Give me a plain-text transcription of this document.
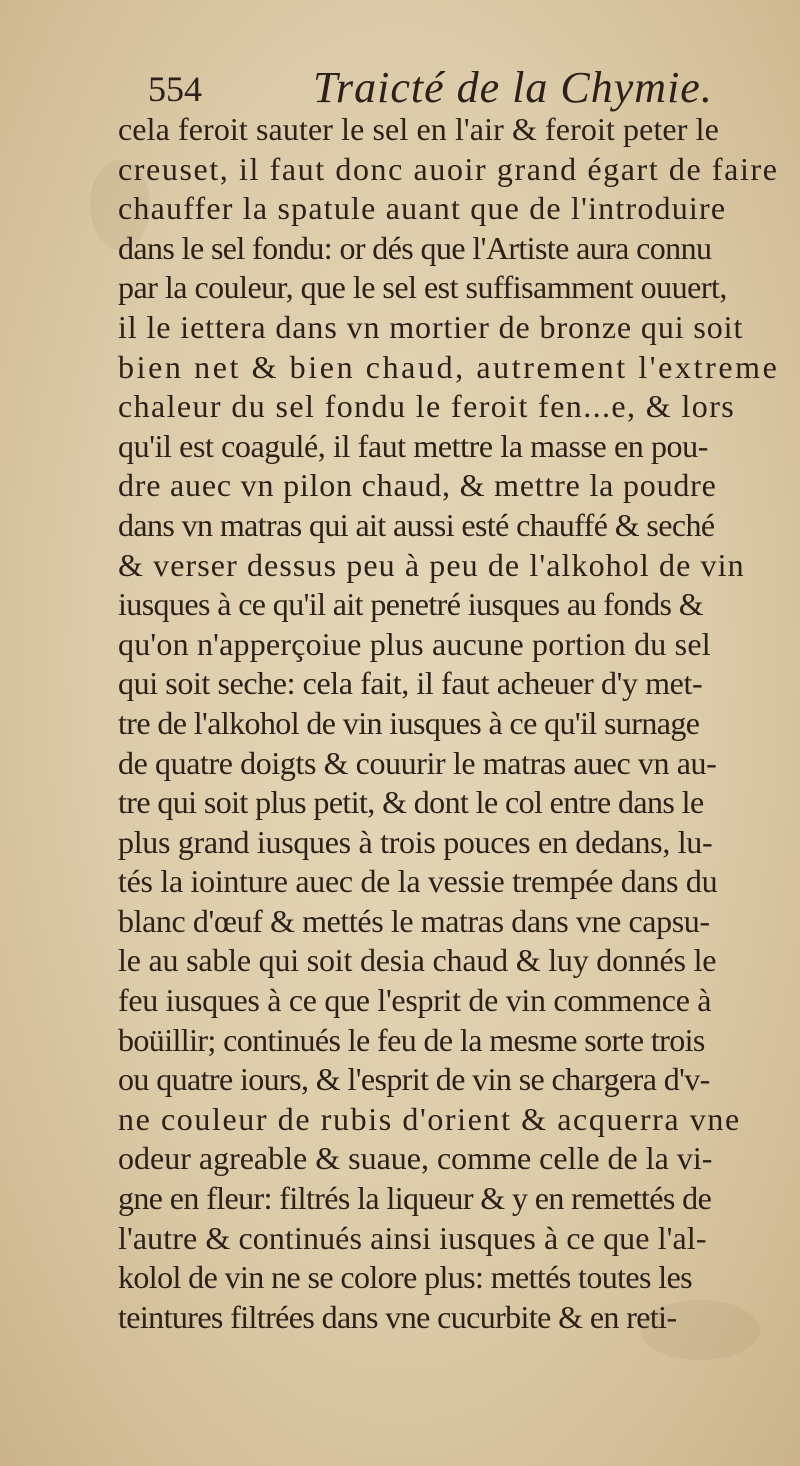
554	Traicté de la Chymie.
cela feroit sauter le sel en l'air & feroit peter le
creuset, il faut donc auoir grand égart de faire
chauffer la spatule auant que de l'introduire
dans le sel fondu: or dés que l'Artiste aura connu
par la couleur, que le sel est suffisamment ouuert,
il le iettera dans vn mortier de bronze qui soit
bien net & bien chaud, autrement l'extreme
chaleur du sel fondu le feroit fen...e, & lors
qu'il est coagulé, il faut mettre la masse en pou-
dre auec vn pilon chaud, & mettre la poudre
dans vn matras qui ait aussi esté chauffé & seché
& verser dessus peu à peu de l'alkohol de vin
iusques à ce qu'il ait penetré iusques au fonds &
qu'on n'apperçoiue plus aucune portion du sel
qui soit seche: cela fait, il faut acheuer d'y met-
tre de l'alkohol de vin iusques à ce qu'il surnage
de quatre doigts & couurir le matras auec vn au-
tre qui soit plus petit, & dont le col entre dans le
plus grand iusques à trois pouces en dedans, lu-
tés la iointure auec de la vessie trempée dans du
blanc d'œuf & mettés le matras dans vne capsu-
le au sable qui soit desia chaud & luy donnés le
feu iusques à ce que l'esprit de vin commence à
boüillir; continués le feu de la mesme sorte trois
ou quatre iours, & l'esprit de vin se chargera d'v-
ne couleur de rubis d'orient & acquerra vne
odeur agreable & suaue, comme celle de la vi-
gne en fleur: filtrés la liqueur & y en remettés de
l'autre & continués ainsi iusques à ce que l'al-
kolol de vin ne se colore plus: mettés toutes les
teintures filtrées dans vne cucurbite & en reti-
